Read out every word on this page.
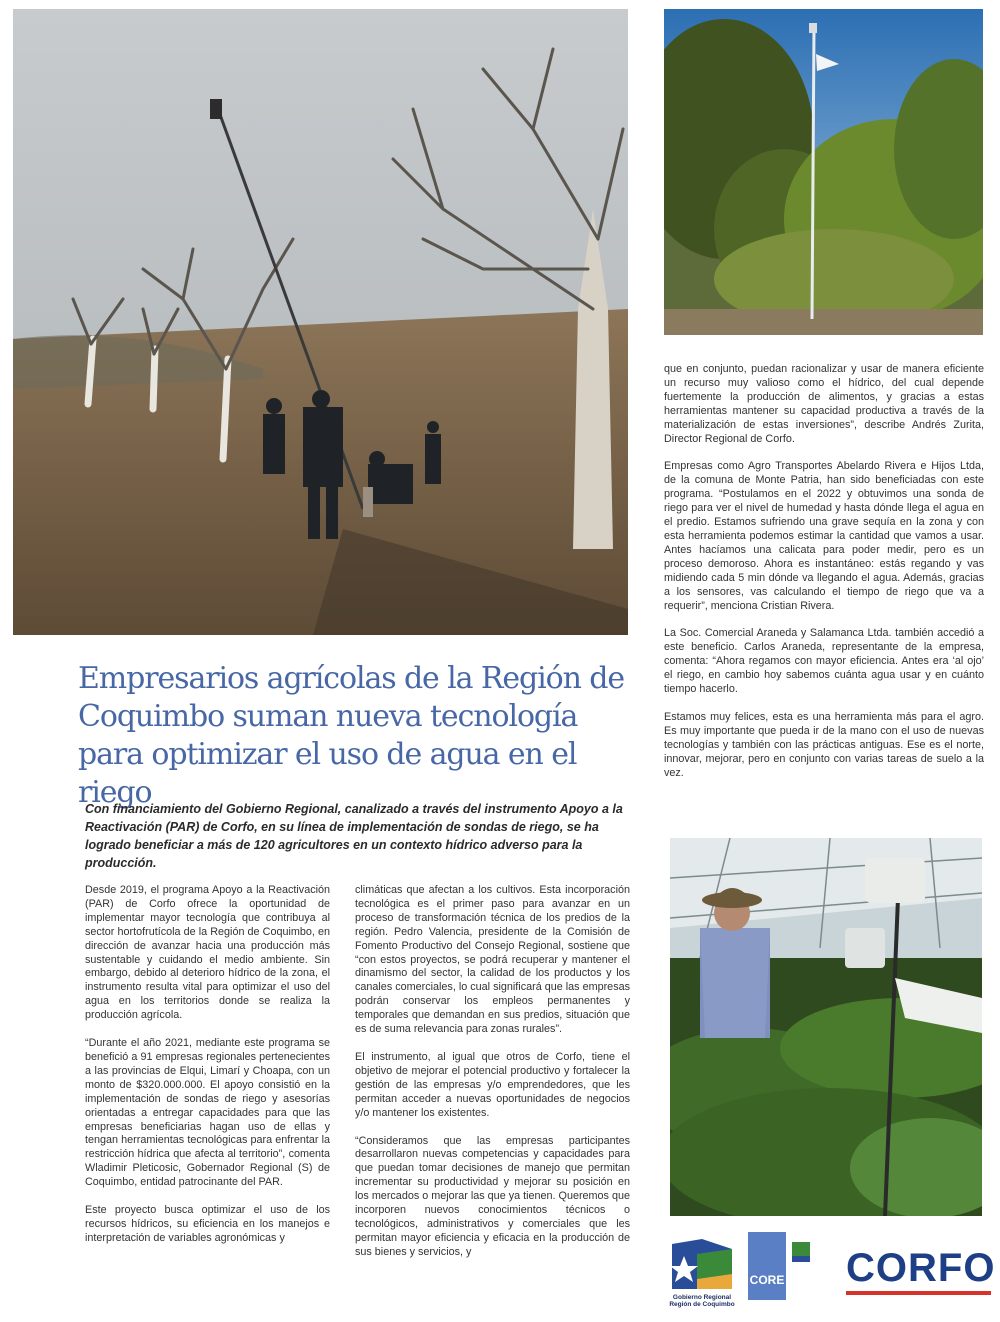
Empresarios agrícolas de la Región de Coquimbo suman nueva tecnología para optimizar el uso de agua en el riego

Con financiamiento del Gobierno Regional, canalizado a través del instrumento Apoyo a la Reactivación (PAR) de Corfo, en su línea de implementación de sondas de riego, se ha logrado beneficiar a más de 120 agricultores en un contexto hídrico adverso para la producción.

Desde 2019, el programa Apoyo a la Reactivación (PAR) de Corfo ofrece la oportunidad de implementar mayor tecnología que contribuya al sector hortofrutícola de la Región de Coquimbo, en dirección de avanzar hacia una producción más sustentable y cuidando el medio ambiente. Sin embargo, debido al deterioro hídrico de la zona, el instrumento resulta vital para optimizar el uso del agua en los territorios donde se realiza la producción agrícola.

“Durante el año 2021, mediante este programa se benefició a 91 empresas regionales pertenecientes a las provincias de Elqui, Limarí y Choapa, con un monto de $320.000.000. El apoyo consistió en la implementación de sondas de riego y asesorías orientadas a entregar capacidades para que las empresas beneficiarias hagan uso de ellas y tengan herramientas tecnológicas para enfrentar la restricción hídrica que afecta al territorio”, comenta Wladimir Pleticosic, Gobernador Regional (S) de Coquimbo, entidad patrocinante del PAR.

Este proyecto busca optimizar el uso de los recursos hídricos, su eficiencia en los manejos e interpretación de variables agronómicas y

climáticas que afectan a los cultivos. Esta incorporación tecnológica es el primer paso para avanzar en un proceso de transformación técnica de los predios de la región. Pedro Valencia, presidente de la Comisión de Fomento Productivo del Consejo Regional, sostiene que “con estos proyectos, se podrá recuperar y mantener el dinamismo del sector, la calidad de los productos y los canales comerciales, lo cual significará que las empresas podrán conservar los empleos permanentes y temporales que demandan en sus predios, situación que es de suma relevancia para zonas rurales”.

El instrumento, al igual que otros de Corfo, tiene el objetivo de mejorar el potencial productivo y fortalecer la gestión de las empresas y/o emprendedores, que les permitan acceder a nuevas oportunidades de negocios y/o mantener los existentes.

“Consideramos que las empresas participantes desarrollaron nuevas competencias y capacidades para que puedan tomar decisiones de manejo que permitan incrementar su productividad y mejorar su posición en los mercados o mejorar las que ya tienen. Queremos que incorporen nuevos conocimientos técnicos o tecnológicos, administrativos y comerciales que les permitan mayor eficiencia y eficacia en la producción de sus bienes y servicios, y

que en conjunto, puedan racionalizar y usar de manera eficiente un recurso muy valioso como el hídrico, del cual depende fuertemente la producción de alimentos, y gracias a estas herramientas mantener su capacidad productiva a través de la materialización de estas inversiones”, describe Andrés Zurita, Director Regional de Corfo.

Empresas como Agro Transportes Abelardo Rivera e Hijos Ltda, de la comuna de Monte Patria, han sido beneficiadas con este programa. “Postulamos en el 2022 y obtuvimos una sonda de riego para ver el nivel de humedad y hasta dónde llega el agua en el predio. Estamos sufriendo una grave sequía en la zona y con esta herramienta podemos estimar la cantidad que vamos a usar. Antes hacíamos una calicata para poder medir, pero es un proceso demoroso. Ahora es instantáneo: estás regando y vas midiendo cada 5 min dónde va llegando el agua. Además, gracias a los sensores, vas calculando el tiempo de riego que va a requerir”, menciona Cristian Rivera.

La Soc. Comercial Araneda y Salamanca Ltda. también accedió a este beneficio. Carlos Araneda, representante de la empresa, comenta: “Ahora regamos con mayor eficiencia. Antes era ‘al ojo’ el riego, en cambio hoy sabemos cuánta agua usar y en cuánto tiempo hacerlo.

Estamos muy felices, esta es una herramienta más para el agro. Es muy importante que pueda ir de la mano con el uso de nuevas tecnologías y también con las prácticas antiguas. Ese es el norte, innovar, mejorar, pero en conjunto con varias tareas de suelo a la vez.

Gobierno Regional Región de Coquimbo
CORE CORFO
